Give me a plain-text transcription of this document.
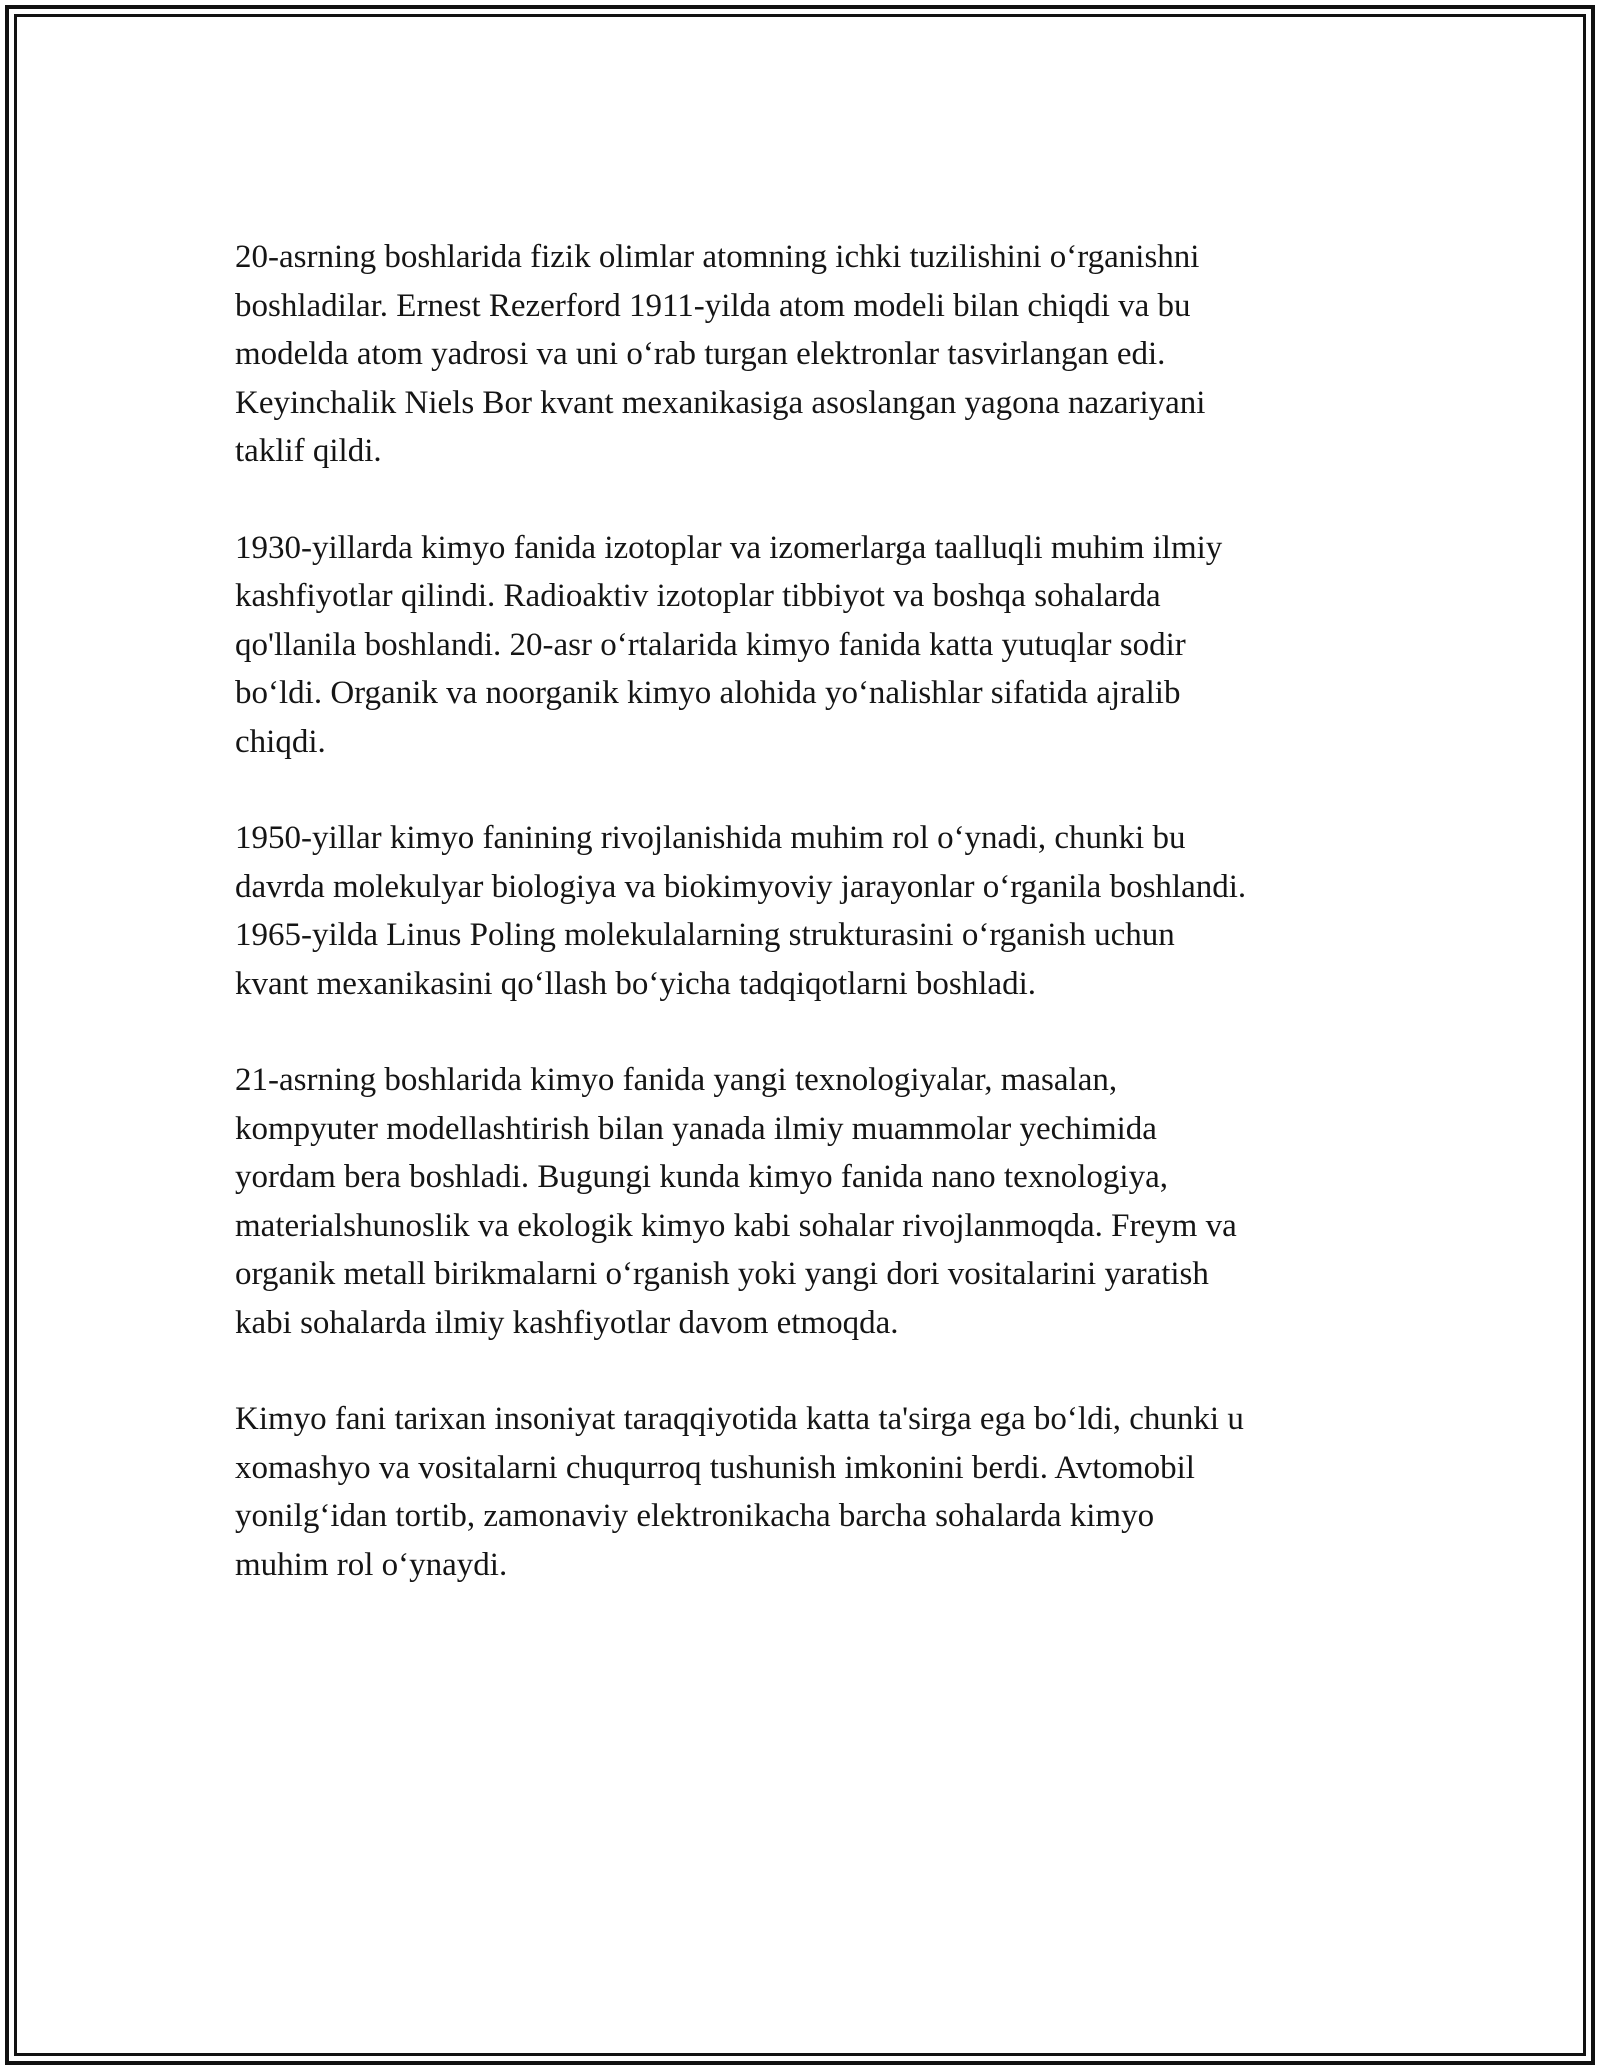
20-asrning boshlarida fizik olimlar atomning ichki tuzilishini o‘rganishni
boshladilar. Ernest Rezerford 1911-yilda atom modeli bilan chiqdi va bu
modelda atom yadrosi va uni o‘rab turgan elektronlar tasvirlangan edi.
Keyinchalik Niels Bor kvant mexanikasiga asoslangan yagona nazariyani
taklif qildi.

1930-yillarda kimyo fanida izotoplar va izomerlarga taalluqli muhim ilmiy
kashfiyotlar qilindi. Radioaktiv izotoplar tibbiyot va boshqa sohalarda
qo'llanila boshlandi. 20-asr o‘rtalarida kimyo fanida katta yutuqlar sodir
bo‘ldi. Organik va noorganik kimyo alohida yo‘nalishlar sifatida ajralib
chiqdi.

1950-yillar kimyo fanining rivojlanishida muhim rol o‘ynadi, chunki bu
davrda molekulyar biologiya va biokimyoviy jarayonlar o‘rganila boshlandi.
1965-yilda Linus Poling molekulalarning strukturasini o‘rganish uchun
kvant mexanikasini qo‘llash bo‘yicha tadqiqotlarni boshladi.

21-asrning boshlarida kimyo fanida yangi texnologiyalar, masalan,
kompyuter modellashtirish bilan yanada ilmiy muammolar yechimida
yordam bera boshladi. Bugungi kunda kimyo fanida nano texnologiya,
materialshunoslik va ekologik kimyo kabi sohalar rivojlanmoqda. Freym va
organik metall birikmalarni o‘rganish yoki yangi dori vositalarini yaratish
kabi sohalarda ilmiy kashfiyotlar davom etmoqda.

Kimyo fani tarixan insoniyat taraqqiyotida katta ta'sirga ega bo‘ldi, chunki u
xomashyo va vositalarni chuqurroq tushunish imkonini berdi. Avtomobil
yonilg‘idan tortib, zamonaviy elektronikacha barcha sohalarda kimyo
muhim rol o‘ynaydi.
